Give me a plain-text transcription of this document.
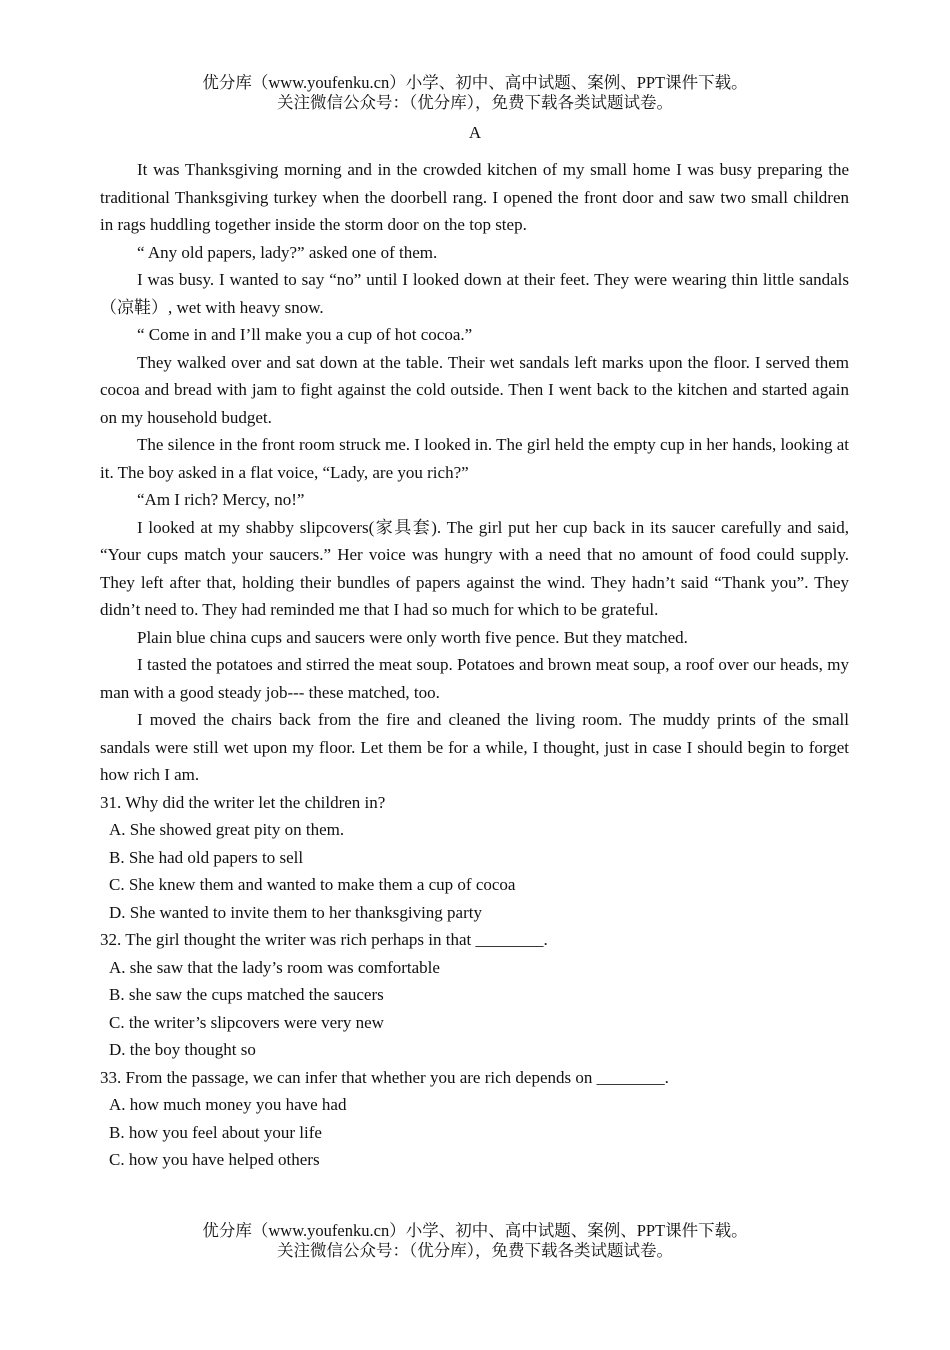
优分库（www.youfenku.cn）小学、初中、高中试题、案例、PPT课件下载。
关注微信公众号：（优分库），免费下载各类试题试卷。
A

It was Thanksgiving morning and in the crowded kitchen of my small home I was busy preparing the traditional Thanksgiving turkey when the doorbell rang. I opened the front door and saw two small children in rags huddling together inside the storm door on the top step.

“ Any old papers, lady?” asked one of them.

I was busy. I wanted to say “no” until I looked down at their feet. They were wearing thin little sandals（凉鞋）, wet with heavy snow.

“ Come in and I’ll make you a cup of hot cocoa.”

They walked over and sat down at the table. Their wet sandals left marks upon the floor. I served them cocoa and bread with jam to fight against the cold outside. Then I went back to the kitchen and started again on my household budget.

The silence in the front room struck me. I looked in. The girl held the empty cup in her hands, looking at it. The boy asked in a flat voice, “Lady, are you rich?”

“Am I rich? Mercy, no!”

I looked at my shabby slipcovers(家具套). The girl put her cup back in its saucer carefully and said, “Your cups match your saucers.” Her voice was hungry with a need that no amount of food could supply. They left after that, holding their bundles of papers against the wind. They hadn’t said “Thank you”. They didn’t need to. They had reminded me that I had so much for which to be grateful.

Plain blue china cups and saucers were only worth five pence. But they matched.

I tasted the potatoes and stirred the meat soup. Potatoes and brown meat soup, a roof over our heads, my man with a good steady job--- these matched, too.

I moved the chairs back from the fire and cleaned the living room. The muddy prints of the small sandals were still wet upon my floor. Let them be for a while, I thought, just in case I should begin to forget how rich I am.

31. Why did the writer let the children in?

A. She showed great pity on them.

B. She had old papers to sell

C. She knew them and wanted to make them a cup of cocoa

D. She wanted to invite them to her thanksgiving party

32. The girl thought the writer was rich perhaps in that ________.

A. she saw that the lady’s room was comfortable

B. she saw the cups matched the saucers

C. the writer’s slipcovers were very new

D. the boy thought so

33. From the passage, we can infer that whether you are rich depends on ________.

A. how much money you have had

B. how you feel about your life

C. how you have helped others

优分库（www.youfenku.cn）小学、初中、高中试题、案例、PPT课件下载。
关注微信公众号：（优分库），免费下载各类试题试卷。
